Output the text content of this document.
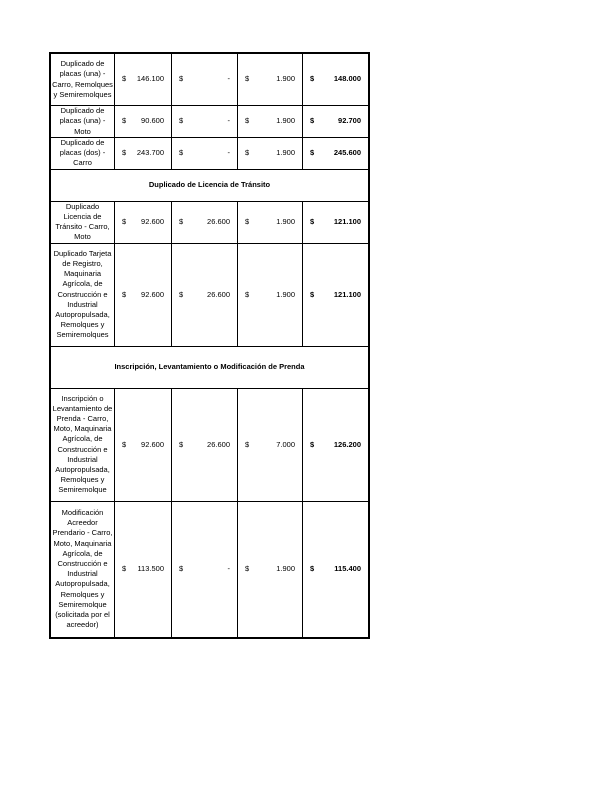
Duplicado de placas (una) - Carro, Remolques y Semiremolques	$ 146.100	$ -	$ 1.900	$ 148.000

Duplicado de placas (una) - Moto	$ 90.600	$ -	$ 1.900	$ 92.700

Duplicado de placas (dos) - Carro	$ 243.700	$ -	$ 1.900	$ 245.600

Duplicado de Licencia de Tránsito				
Duplicado Licencia de Tránsito - Carro, Moto	$ 92.600	$ 26.600	$ 1.900	$ 121.100

Duplicado Tarjeta de Registro, Maquinaria Agrícola, de Construcción e Industrial Autopropulsada, Remolques y Semiremolques	$ 92.600	$ 26.600	$ 1.900	$ 121.100

Inscripción, Levantamiento o Modificación de Prenda				
Inscripción o Levantamiento de Prenda - Carro, Moto, Maquinaria Agrícola, de Construcción e Industrial Autopropulsada, Remolques y Semiremolque	$ 92.600	$ 26.600	$ 7.000	$ 126.200

Modificación Acreedor Prendario - Carro, Moto, Maquinaria Agrícola, de Construcción e Industrial Autopropulsada, Remolques y Semiremolque (solicitada por el acreedor)	$ 113.500	$ -	$ 1.900	$ 115.400
